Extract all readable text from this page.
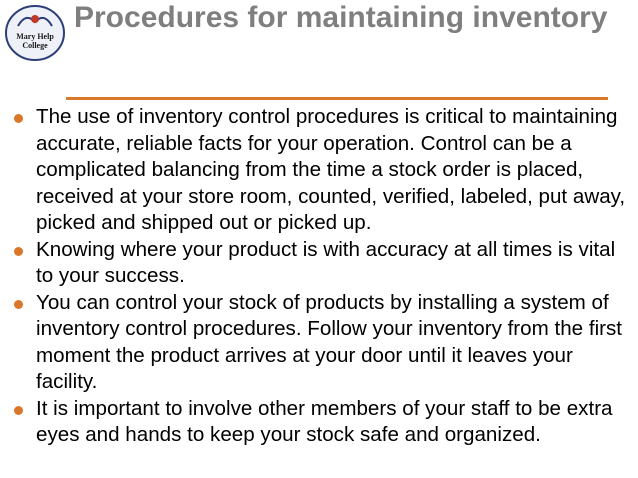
Mary Help
College
Procedures for maintaining inventory
The use of inventory control procedures is critical to maintaining accurate, reliable facts for your operation. Control can be a complicated balancing from the time a stock order is placed, received at your store room, counted, verified, labeled, put away, picked and shipped out or picked up.
Knowing where your product is with accuracy at all times is vital to your success.
You can control your stock of products by installing a system of inventory control procedures. Follow your inventory from the first moment the product arrives at your door until it leaves your facility.
It is important to involve other members of your staff to be extra eyes and hands to keep your stock safe and organized.
